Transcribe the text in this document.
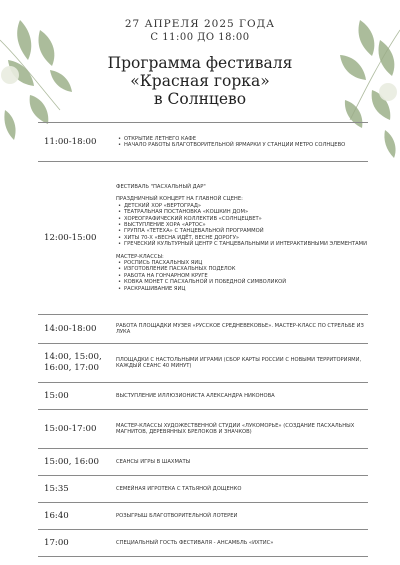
27 АПРЕЛЯ 2025 ГОДА
С 11:00 ДО 18:00
Программа фестиваля
«Красная горка»
в Солнцево
11:00-18:00
•	ОТКРЫТИЕ ЛЕТНЕГО КАФЕ
• НАЧАЛО РАБОТЫ БЛАГОТВОРИТЕЛЬНОЙ ЯРМАРКИ У СТАНЦИИ МЕТРО СОЛНЦЕВО
12:00-15:00
ФЕСТИВАЛЬ "ПАСХАЛЬНЫЙ ДАР"
ПРАЗДНИЧНЫЙ КОНЦЕРТ НА ГЛАВНОЙ СЦЕНЕ:
• ДЕТСКИЙ ХОР «ВЕРТОГРАД»
• ТЕАТРАЛЬНАЯ ПОСТАНОВКА «КОШКИН ДОМ»
• ХОРЕОГРАФИЧЕСКИЙ КОЛЛЕКТИВ «СОЛНЦЕЦВЕТ»
• ВЫСТУПЛЕНИЕ ХОРА «АРТОС»
• ГРУППА «ТЕТЕХА» С ТАНЦЕВАЛЬНОЙ ПРОГРАММОЙ
• ХИТЫ 70-Х «ВЕСНА ИДЁТ, ВЕСНЕ ДОРОГУ»
• ГРЕЧЕСКИЙ КУЛЬТУРНЫЙ ЦЕНТР С ТАНЦЕВАЛЬНЫМИ И ИНТЕРАКТИВНЫМИ ЭЛЕМЕНТАМИ
МАСТЕР-КЛАССЫ:
• РОСПИСЬ ПАСХАЛЬНЫХ ЯИЦ
• ИЗГОТОВЛЕНИЕ ПАСХАЛЬНЫХ ПОДЕЛОК
• РАБОТА НА ГОНЧАРНОМ КРУГЕ
• КОВКА МОНЕТ С ПАСХАЛЬНОЙ И ПОБЕДНОЙ СИМВОЛИКОЙ
• РАСКРАШИВАНИЕ ЯИЦ
14:00-18:00	РАБОТА ПЛОЩАДКИ МУЗЕЯ «РУССКОЕ СРЕДНЕВЕКОВЬЕ». МАСТЕР-КЛАСС ПО СТРЕЛЬБЕ ИЗ ЛУКА
14:00, 15:00, 16:00, 17:00
ПЛОЩАДКИ С НАСТОЛЬНЫМИ ИГРАМИ (СБОР КАРТЫ РОССИИ С НОВЫМИ ТЕРРИТОРИЯМИ, КАЖДЫЙ СЕАНС 40 МИНУТ)
15:00	ВЫСТУПЛЕНИЕ ИЛЛЮЗИОНИСТА АЛЕКСАНДРА НИКОНОВА
15:00-17:00	МАСТЕР-КЛАССЫ ХУДОЖЕСТВЕННОЙ СТУДИИ «ЛУКОМОРЬЕ» (СОЗДАНИЕ ПАСХАЛЬНЫХ МАГНИТОВ, ДЕРЕВЯННЫХ БРЕЛОКОВ И ЗНАЧКОВ)
15:00, 16:00	СЕАНСЫ ИГРЫ В ШАХМАТЫ
15:35	СЕМЕЙНАЯ ИГРОТЕКА С ТАТЬЯНОЙ ДОЩЕНКО
16:40	РОЗЫГРЫШ БЛАГОТВОРИТЕЛЬНОЙ ЛОТЕРЕИ
17:00	СПЕЦИАЛЬНЫЙ ГОСТЬ ФЕСТИВАЛЯ - АНСАМБЛЬ «ИХТИС»
